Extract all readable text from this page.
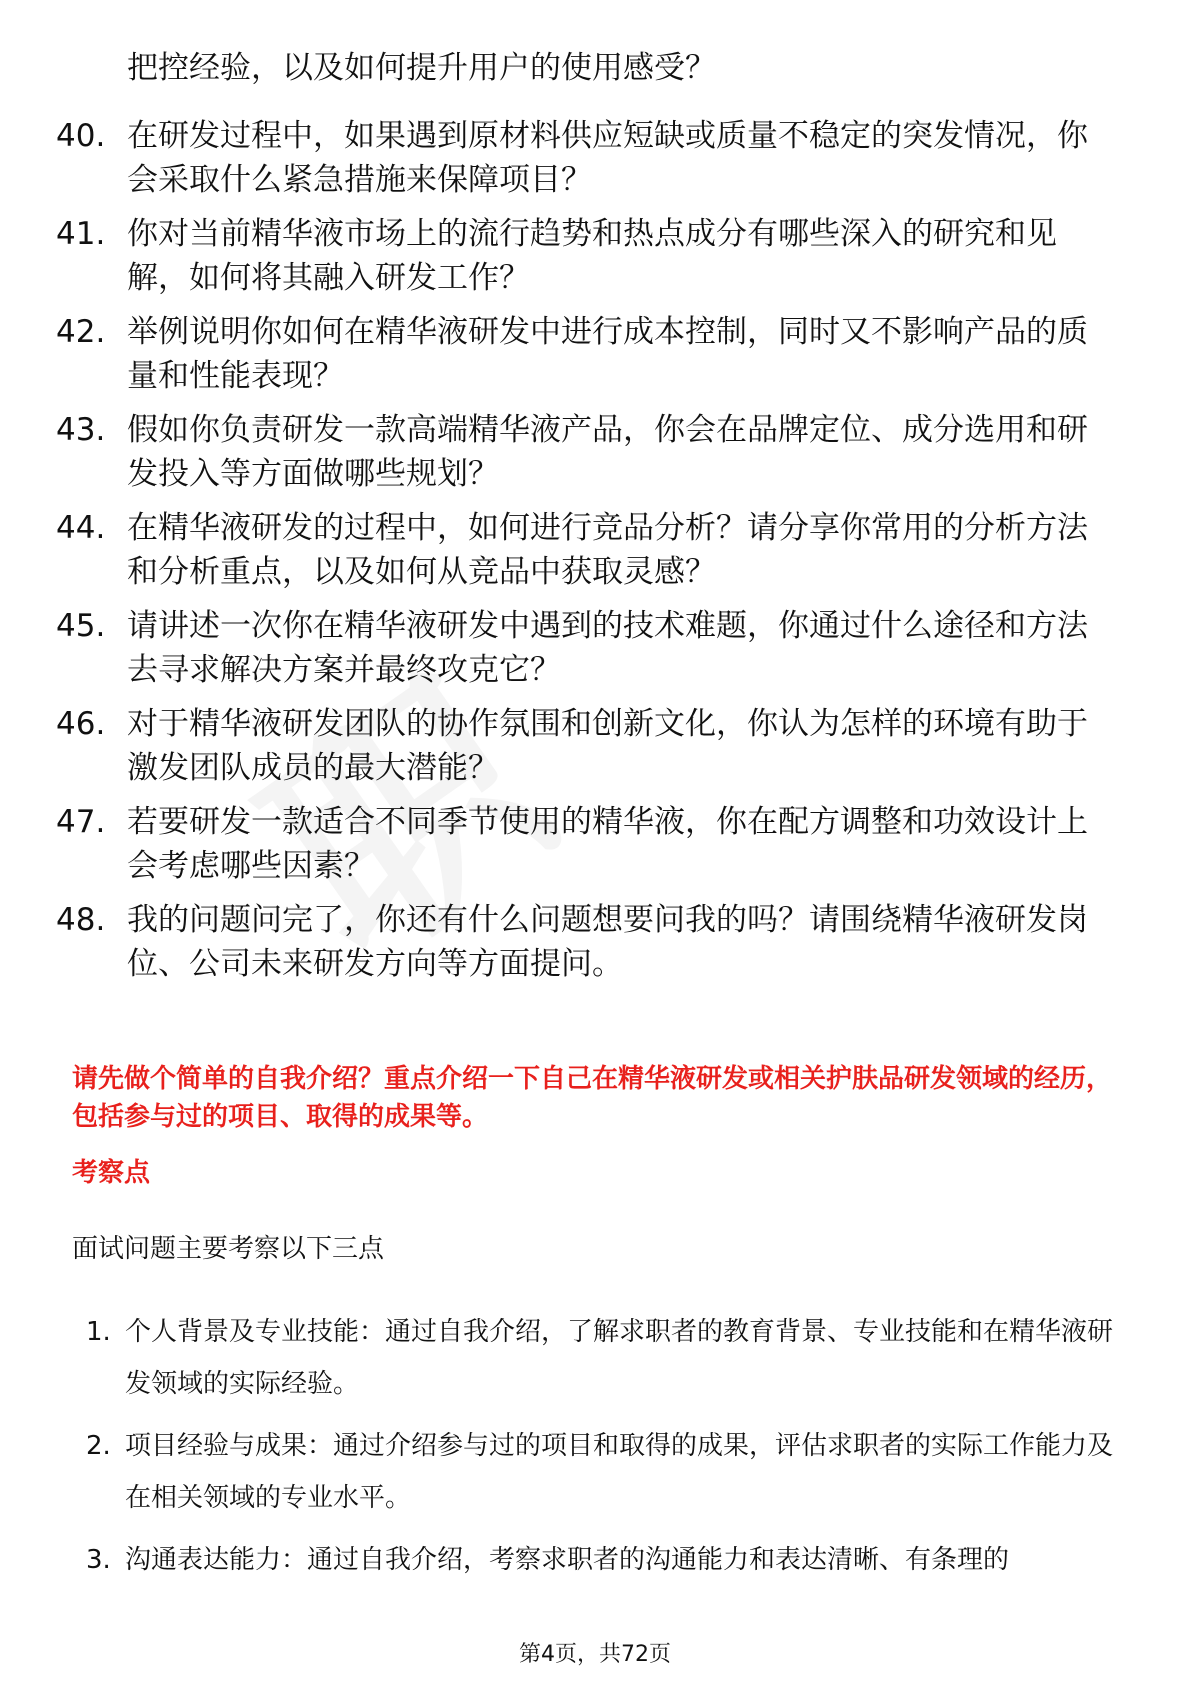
把控经验，以及如何提升用户的使用感受？
40. 在研发过程中，如果遇到原材料供应短缺或质量不稳定的突发情况，你会采取什么紧急措施来保障项目？
41. 你对当前精华液市场上的流行趋势和热点成分有哪些深入的研究和见解，如何将其融入研发工作？
42. 举例说明你如何在精华液研发中进行成本控制，同时又不影响产品的质量和性能表现？
43. 假如你负责研发一款高端精华液产品，你会在品牌定位、成分选用和研发投入等方面做哪些规划？
44. 在精华液研发的过程中，如何进行竞品分析？请分享你常用的分析方法和分析重点，以及如何从竞品中获取灵感？
45. 请讲述一次你在精华液研发中遇到的技术难题，你通过什么途径和方法去寻求解决方案并最终攻克它？
46. 对于精华液研发团队的协作氛围和创新文化，你认为怎样的环境有助于激发团队成员的最大潜能？
47. 若要研发一款适合不同季节使用的精华液，你在配方调整和功效设计上会考虑哪些因素？
48. 我的问题问完了，你还有什么问题想要问我的吗？请围绕精华液研发岗位、公司未来研发方向等方面提问。
请先做个简单的自我介绍？重点介绍一下自己在精华液研发或相关护肤品研发领域的经历，包括参与过的项目、取得的成果等。
考察点
面试问题主要考察以下三点
1. 个人背景及专业技能：通过自我介绍，了解求职者的教育背景、专业技能和在精华液研发领域的实际经验。
2. 项目经验与成果：通过介绍参与过的项目和取得的成果，评估求职者的实际工作能力及在相关领域的专业水平。
3. 沟通表达能力：通过自我介绍，考察求职者的沟通能力和表达清晰、有条理的
第4页，共72页
